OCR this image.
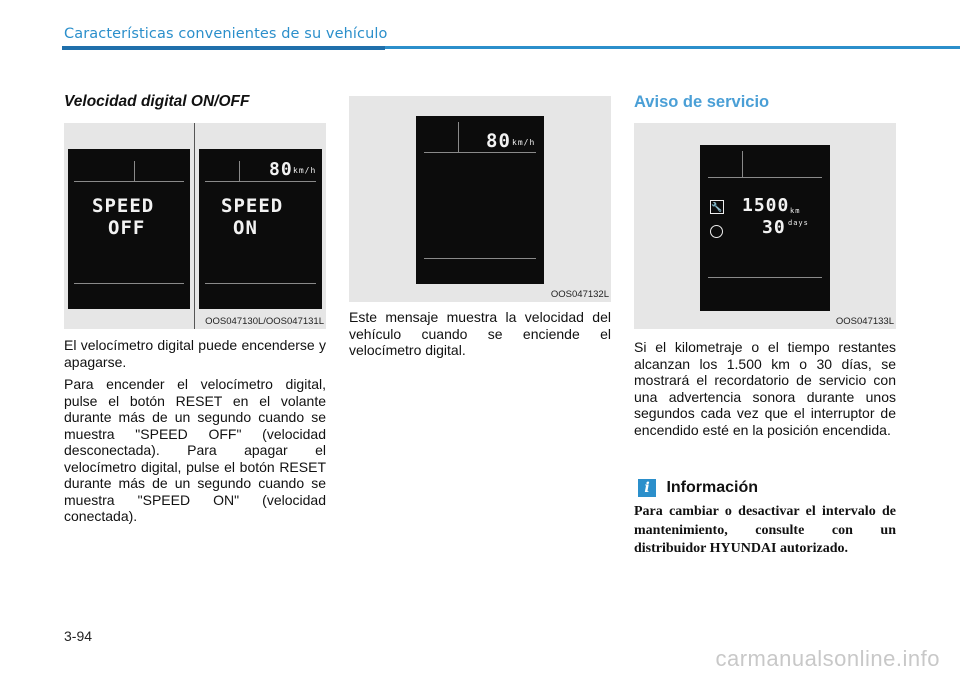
Características convenientes de su vehículo
Velocidad digital ON/OFF
SPEED
OFF
80 km/h
SPEED
ON
OOS047130L/OOS047131L

El velocímetro digital puede encenderse y apagarse.

Para encender el velocímetro digital, pulse el botón RESET en el volante durante más de un segundo cuando se muestra "SPEED OFF" (velocidad desconectada). Para apagar el velocímetro digital, pulse el botón RESET durante más de un segundo cuando se muestra "SPEED ON" (velocidad conectada).

80 km/h
OOS047132L

Este mensaje muestra la velocidad del vehículo cuando se enciende el velocímetro digital.

Aviso de servicio
🔧 1500 km
30 days
OOS047133L

Si el kilometraje o el tiempo restantes alcanzan los 1.500 km o 30 días, se mostrará el recordatorio de servicio con una advertencia sonora durante unos segundos cada vez que el interruptor de encendido esté en la posición encendida.

i Información
Para cambiar o desactivar el intervalo de mantenimiento, consulte con un distribuidor HYUNDAI autorizado.
3-94
carmanualsonline.info
